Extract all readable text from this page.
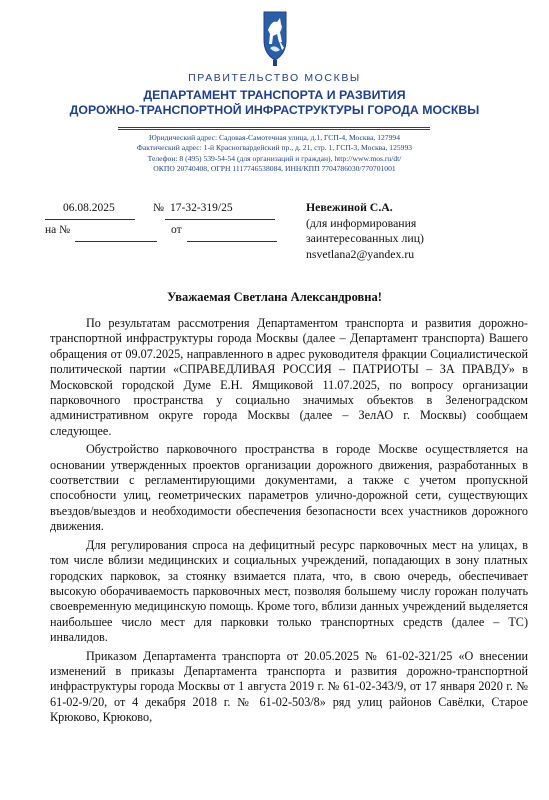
ПРАВИТЕЛЬСТВО МОСКВЫ
ДЕПАРТАМЕНТ ТРАНСПОРТА И РАЗВИТИЯ
ДОРОЖНО-ТРАНСПОРТНОЙ ИНФРАСТРУКТУРЫ ГОРОДА МОСКВЫ
Юридический адрес: Садовая-Самотечная улица, д.1, ГСП-4, Москва, 127994
Фактический адрес: 1-й Красногвардейский пр., д. 21, стр. 1, ГСП-3, Москва, 125993
Телефон: 8 (495) 539-54-54 (для организаций и граждан), http://www.mos.ru/dt/
ОКПО 20740408, ОГРН 1117746538084, ИНН/КПП 7704786030/770701001
06.08.2025	№ 17-32-319/25
на №	от
Невежиной С.А.
(для информирования
заинтересованных лиц)
nsvetlana2@yandex.ru
Уважаемая Светлана Александровна!

По результатам рассмотрения Департаментом транспорта и развития дорожно-транспортной инфраструктуры города Москвы (далее – Департамент транспорта) Вашего обращения от 09.07.2025, направленного в адрес руководителя фракции Социалистической политической партии «СПРАВЕДЛИВАЯ РОССИЯ – ПАТРИОТЫ – ЗА ПРАВДУ» в Московской городской Думе Е.Н. Ямщиковой 11.07.2025, по вопросу организации парковочного пространства у социально значимых объектов в Зеленоградском административном округе города Москвы (далее – ЗелАО г. Москвы) сообщаем следующее.

Обустройство парковочного пространства в городе Москве осуществляется на основании утвержденных проектов организации дорожного движения, разработанных в соответствии с регламентирующими документами, а также с учетом пропускной способности улиц, геометрических параметров улично-дорожной сети, существующих въездов/выездов и необходимости обеспечения безопасности всех участников дорожного движения.

Для регулирования спроса на дефицитный ресурс парковочных мест на улицах, в том числе вблизи медицинских и социальных учреждений, попадающих в зону платных городских парковок, за стоянку взимается плата, что, в свою очередь, обеспечивает высокую оборачиваемость парковочных мест, позволяя большему числу горожан получать своевременную медицинскую помощь. Кроме того, вблизи данных учреждений выделяется наибольшее число мест для парковки только транспортных средств (далее – ТС) инвалидов.

Приказом Департамента транспорта от 20.05.2025 № 61-02-321/25 «О внесении изменений в приказы Департамента транспорта и развития дорожно-транспортной инфраструктуры города Москвы от 1 августа 2019 г. № 61-02-343/9, от 17 января 2020 г. № 61-02-9/20, от 4 декабря 2018 г. № 61-02-503/8» ряд улиц районов Савёлки, Старое Крюково, Крюково,
